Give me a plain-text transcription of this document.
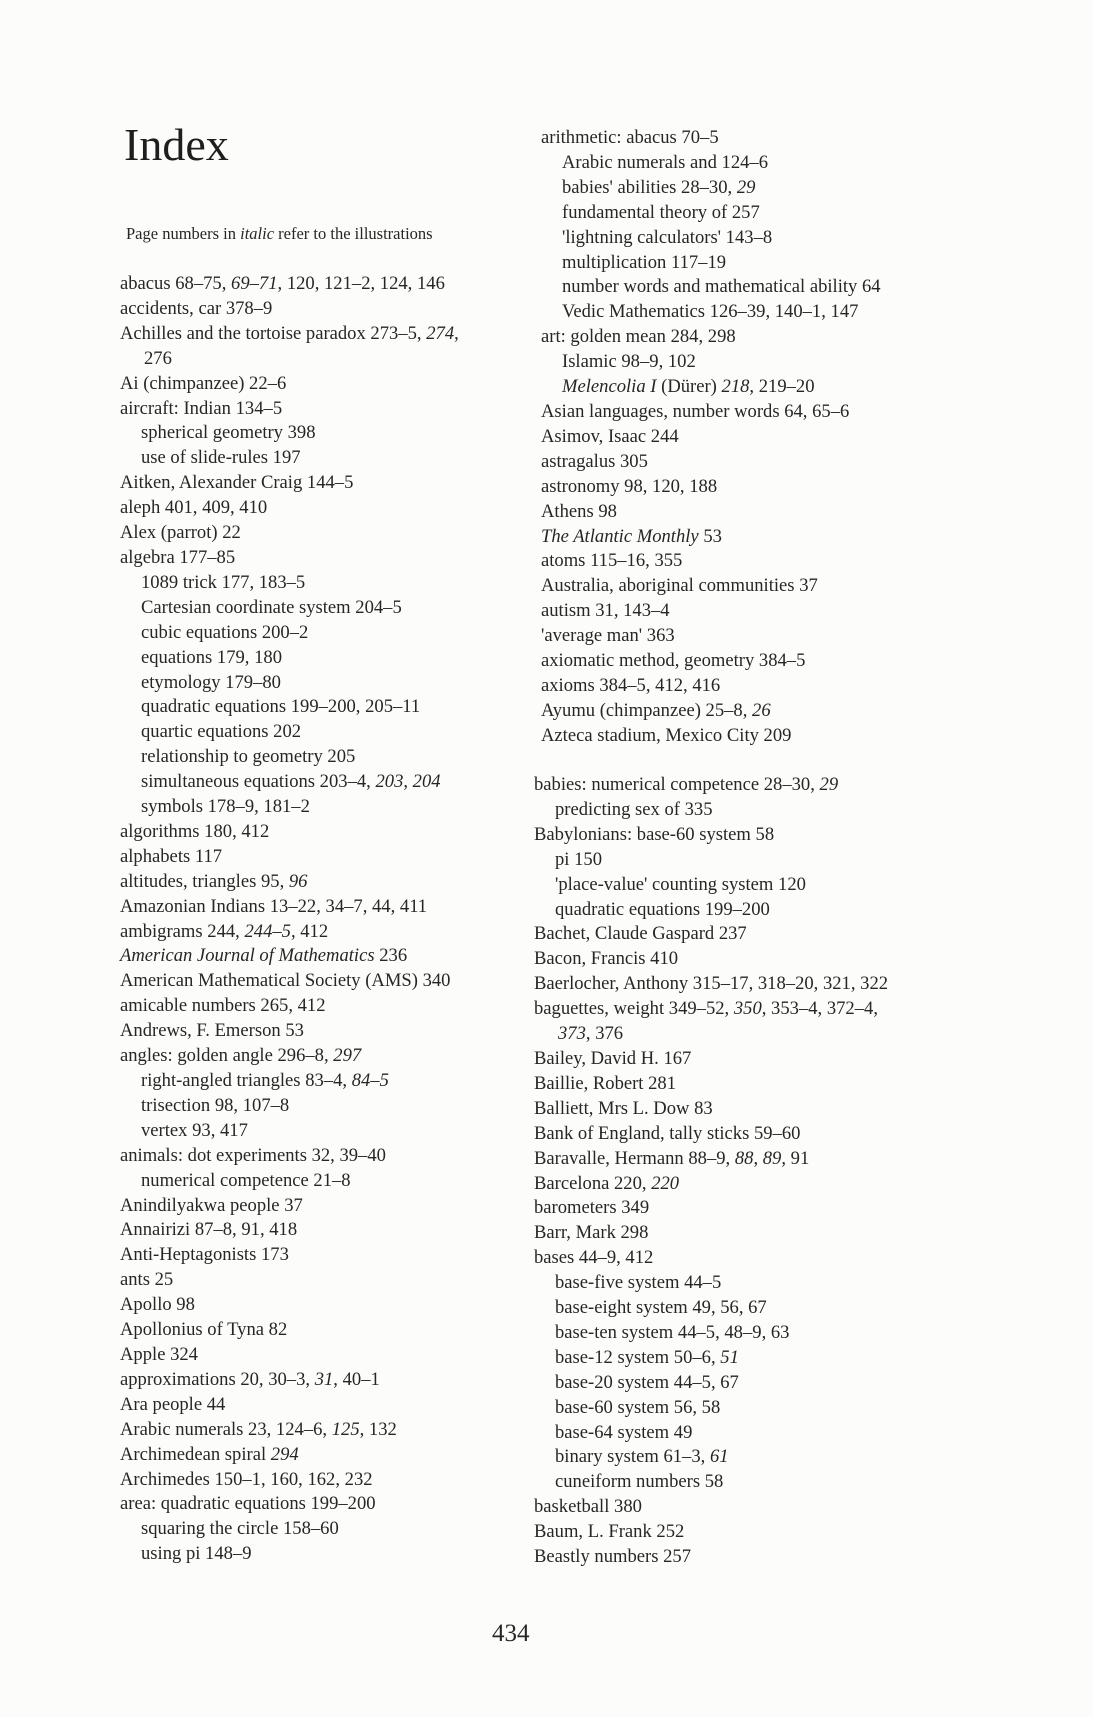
Index
Page numbers in italic refer to the illustrations
abacus 68–75, 69–71, 120, 121–2, 124, 146
accidents, car 378–9
Achilles and the tortoise paradox 273–5, 274,
276
Ai (chimpanzee) 22–6
aircraft: Indian 134–5
spherical geometry 398
use of slide-rules 197
Aitken, Alexander Craig 144–5
aleph 401, 409, 410
Alex (parrot) 22
algebra 177–85
1089 trick 177, 183–5
Cartesian coordinate system 204–5
cubic equations 200–2
equations 179, 180
etymology 179–80
quadratic equations 199–200, 205–11
quartic equations 202
relationship to geometry 205
simultaneous equations 203–4, 203, 204
symbols 178–9, 181–2
algorithms 180, 412
alphabets 117
altitudes, triangles 95, 96
Amazonian Indians 13–22, 34–7, 44, 411
ambigrams 244, 244–5, 412
American Journal of Mathematics 236
American Mathematical Society (AMS) 340
amicable numbers 265, 412
Andrews, F. Emerson 53
angles: golden angle 296–8, 297
right-angled triangles 83–4, 84–5
trisection 98, 107–8
vertex 93, 417
animals: dot experiments 32, 39–40
numerical competence 21–8
Anindilyakwa people 37
Annairizi 87–8, 91, 418
Anti-Heptagonists 173
ants 25
Apollo 98
Apollonius of Tyna 82
Apple 324
approximations 20, 30–3, 31, 40–1
Ara people 44
Arabic numerals 23, 124–6, 125, 132
Archimedean spiral 294
Archimedes 150–1, 160, 162, 232
area: quadratic equations 199–200
squaring the circle 158–60
using pi 148–9
arithmetic: abacus 70–5
Arabic numerals and 124–6
babies' abilities 28–30, 29
fundamental theory of 257
'lightning calculators' 143–8
multiplication 117–19
number words and mathematical ability 64
Vedic Mathematics 126–39, 140–1, 147
art: golden mean 284, 298
Islamic 98–9, 102
Melencolia I (Dürer) 218, 219–20
Asian languages, number words 64, 65–6
Asimov, Isaac 244
astragalus 305
astronomy 98, 120, 188
Athens 98
The Atlantic Monthly 53
atoms 115–16, 355
Australia, aboriginal communities 37
autism 31, 143–4
'average man' 363
axiomatic method, geometry 384–5
axioms 384–5, 412, 416
Ayumu (chimpanzee) 25–8, 26
Azteca stadium, Mexico City 209
babies: numerical competence 28–30, 29
predicting sex of 335
Babylonians: base-60 system 58
pi 150
'place-value' counting system 120
quadratic equations 199–200
Bachet, Claude Gaspard 237
Bacon, Francis 410
Baerlocher, Anthony 315–17, 318–20, 321, 322
baguettes, weight 349–52, 350, 353–4, 372–4,
373, 376
Bailey, David H. 167
Baillie, Robert 281
Balliett, Mrs L. Dow 83
Bank of England, tally sticks 59–60
Baravalle, Hermann 88–9, 88, 89, 91
Barcelona 220, 220
barometers 349
Barr, Mark 298
bases 44–9, 412
base-five system 44–5
base-eight system 49, 56, 67
base-ten system 44–5, 48–9, 63
base-12 system 50–6, 51
base-20 system 44–5, 67
base-60 system 56, 58
base-64 system 49
binary system 61–3, 61
cuneiform numbers 58
basketball 380
Baum, L. Frank 252
Beastly numbers 257
434
